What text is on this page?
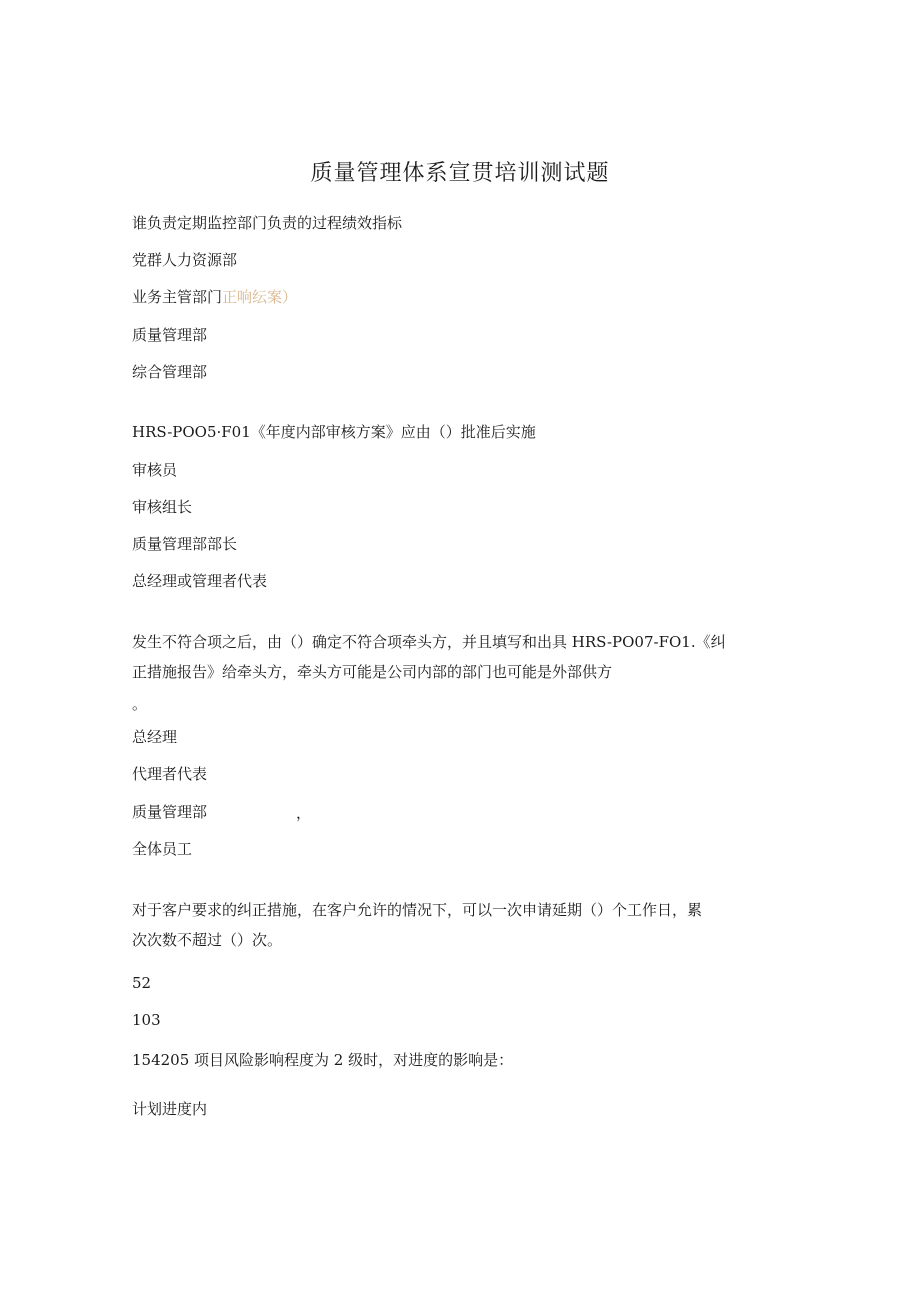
质量管理体系宣贯培训测试题
谁负责定期监控部门负责的过程绩效指标
党群人力资源部
业务主管部门正响纭案）
质量管理部
综合管理部
HRS-POO5·F01《年度内部审核方案》应由（）批准后实施
审核员
审核组长
质量管理部部长
总经理或管理者代表
发生不符合项之后，由（）确定不符合项牵头方，并且填写和出具 HRS-PO07-FO1.《纠
正措施报告》给牵头方，牵头方可能是公司内部的部门也可能是外部供方
。
总经理
代理者代表
质量管理部	，
全体员工
对于客户要求的纠正措施，在客户允许的情况下，可以一次申请延期（）个工作日，累
次次数不超过（）次。
52
103
154205 项目风险影响程度为 2 级时，对进度的影响是：
计划进度内
